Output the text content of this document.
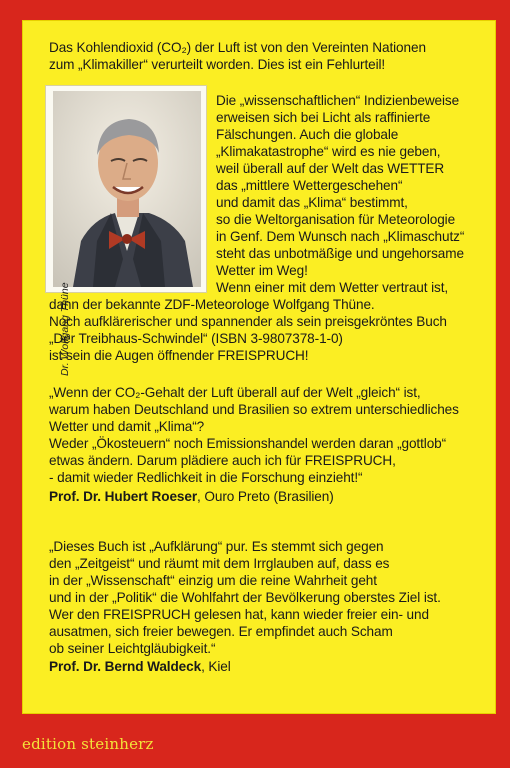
Das Kohlendioxid (CO₂) der Luft ist von den Vereinten Nationen
zum „Klimakiller“ verurteilt worden. Dies ist ein Fehlurteil!
Dr. Wolfgang Thüne
Die „wissenschaftlichen“ Indizienbeweise
erweisen sich bei Licht als raffinierte
Fälschungen. Auch die globale
„Klimakatastrophe“ wird es nie geben,
weil überall auf der Welt das WETTER
das „mittlere Wettergeschehen“
und damit das „Klima“ bestimmt,
so die Weltorganisation für Meteorologie
in Genf. Dem Wunsch nach „Klimaschutz“
steht das unbotmäßige und ungehorsame
Wetter im Weg!
Wenn einer mit dem Wetter vertraut ist,
dann der bekannte ZDF-Meteorologe Wolfgang Thüne.
Noch aufklärerischer und spannender als sein preisgekröntes Buch
„Der Treibhaus-Schwindel“ (ISBN 3-9807378-1-0)
ist sein die Augen öffnender FREISPRUCH!
„Wenn der CO₂-Gehalt der Luft überall auf der Welt „gleich“ ist,
warum haben Deutschland und Brasilien so extrem unterschiedliches
Wetter und damit „Klima“?
Weder „Ökosteuern“ noch Emissionshandel werden daran „gottlob“
etwas ändern. Darum plädiere auch ich für FREISPRUCH,
- damit wieder Redlichkeit in die Forschung einzieht!“
Prof. Dr. Hubert Roeser, Ouro Preto (Brasilien)
„Dieses Buch ist „Aufklärung“ pur. Es stemmt sich gegen
den „Zeitgeist“ und räumt mit dem Irrglauben auf, dass es
in der „Wissenschaft“ einzig um die reine Wahrheit geht
und in der „Politik“ die Wohlfahrt der Bevölkerung oberstes Ziel ist.
Wer den FREISPRUCH gelesen hat, kann wieder freier ein- und
ausatmen, sich freier bewegen. Er empfindet auch Scham
ob seiner Leichtgläubigkeit.“
Prof. Dr. Bernd Waldeck, Kiel
edition steinherz
